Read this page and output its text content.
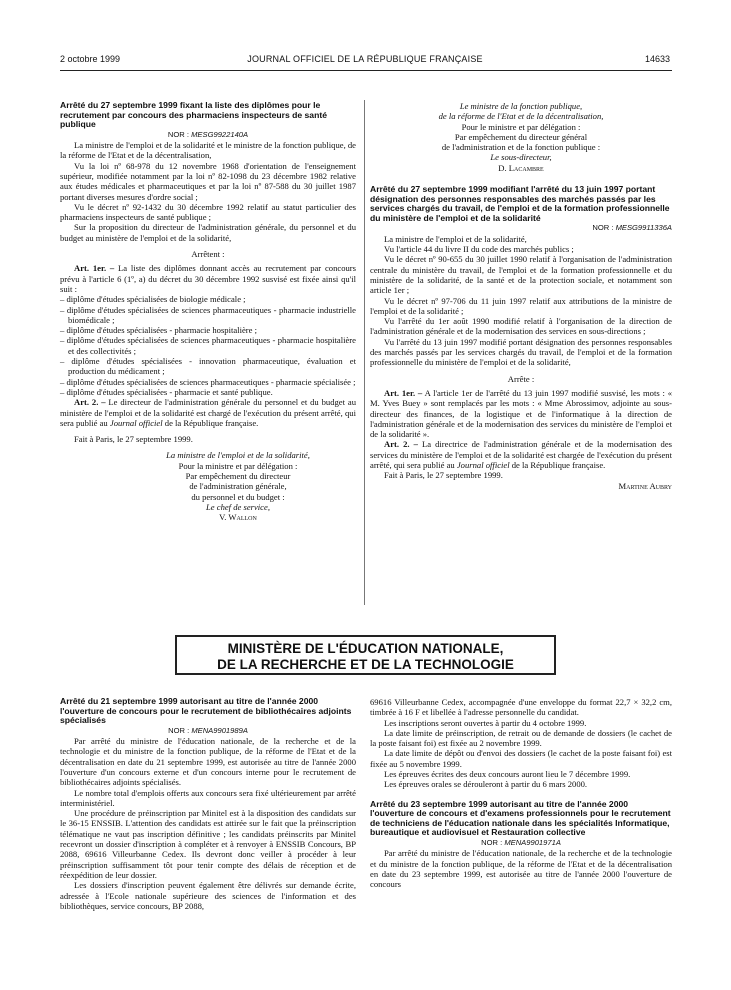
2 octobre 1999	JOURNAL OFFICIEL DE LA RÉPUBLIQUE FRANÇAISE	14633

Arrêté du 27 septembre 1999 fixant la liste des diplômes pour le recrutement par concours des pharmaciens inspecteurs de santé publique

NOR : MESG9922140A

La ministre de l'emploi et de la solidarité et le ministre de la fonction publique, de la réforme de l'Etat et de la décentralisation,

Vu la loi nº 68-978 du 12 novembre 1968 d'orientation de l'enseignement supérieur, modifiée notamment par la loi nº 82-1098 du 23 décembre 1982 relative aux études médicales et pharmaceutiques et par la loi nº 87-588 du 30 juillet 1987 portant diverses mesures d'ordre social ;

Vu le décret nº 92-1432 du 30 décembre 1992 relatif au statut particulier des pharmaciens inspecteurs de santé publique ;

Sur la proposition du directeur de l'administration générale, du personnel et du budget au ministère de l'emploi et de la solidarité,

Arrêtent :

Art. 1er. – La liste des diplômes donnant accès au recrutement par concours prévu à l'article 6 (1º, a) du décret du 30 décembre 1992 susvisé est fixée ainsi qu'il suit :

– diplôme d'études spécialisées de biologie médicale ;

– diplôme d'études spécialisées de sciences pharmaceutiques - pharmacie industrielle biomédicale ;

– diplôme d'études spécialisées - pharmacie hospitalière ;

– diplôme d'études spécialisées de sciences pharmaceutiques - pharmacie hospitalière et des collectivités ;

– diplôme d'études spécialisées - innovation pharmaceutique, évaluation et production du médicament ;

– diplôme d'études spécialisées de sciences pharmaceutiques - pharmacie spécialisée ;

– diplôme d'études spécialisées - pharmacie et santé publique.

Art. 2. – Le directeur de l'administration générale du personnel et du budget au ministère de l'emploi et de la solidarité est chargé de l'exécution du présent arrêté, qui sera publié au Journal officiel de la République française.

Fait à Paris, le 27 septembre 1999.

La ministre de l'emploi et de la solidarité,

Pour la ministre et par délégation :

Par empêchement du directeur

de l'administration générale,

du personnel et du budget :

Le chef de service,

V. Wallon

Le ministre de la fonction publique,

de la réforme de l'Etat et de la décentralisation,

Pour le ministre et par délégation :

Par empêchement du directeur général

de l'administration et de la fonction publique :

Le sous-directeur,

D. Lacambre

Arrêté du 27 septembre 1999 modifiant l'arrêté du 13 juin 1997 portant désignation des personnes responsables des marchés passés par les services chargés du travail, de l'emploi et de la formation professionnelle du ministère de l'emploi et de la solidarité

NOR : MESG9911336A

La ministre de l'emploi et de la solidarité,

Vu l'article 44 du livre II du code des marchés publics ;

Vu le décret nº 90-655 du 30 juillet 1990 relatif à l'organisation de l'administration centrale du ministère du travail, de l'emploi et de la formation professionnelle et du ministère de la solidarité, de la santé et de la protection sociale, et notamment son article 1er ;

Vu le décret nº 97-706 du 11 juin 1997 relatif aux attributions de la ministre de l'emploi et de la solidarité ;

Vu l'arrêté du 1er août 1990 modifié relatif à l'organisation de la direction de l'administration générale et de la modernisation des services en sous-directions ;

Vu l'arrêté du 13 juin 1997 modifié portant désignation des personnes responsables des marchés passés par les services chargés du travail, de l'emploi et de la formation professionnelle du ministère de l'emploi et de la solidarité,

Arrête :

Art. 1er. – A l'article 1er de l'arrêté du 13 juin 1997 modifié susvisé, les mots : « M. Yves Buey » sont remplacés par les mots : « Mme Abrossimov, adjointe au sous-directeur des finances, de la logistique et de l'informatique à la direction de l'administration générale et de la modernisation des services du ministère de l'emploi et de la solidarité ».

Art. 2. – La directrice de l'administration générale et de la modernisation des services du ministère de l'emploi et de la solidarité est chargée de l'exécution du présent arrêté, qui sera publié au Journal officiel de la République française.

Fait à Paris, le 27 septembre 1999.

Martine Aubry

MINISTÈRE DE L'ÉDUCATION NATIONALE,
DE LA RECHERCHE ET DE LA TECHNOLOGIE

Arrêté du 21 septembre 1999 autorisant au titre de l'année 2000 l'ouverture de concours pour le recrutement de bibliothécaires adjoints spécialisés

NOR : MENA9901989A

Par arrêté du ministre de l'éducation nationale, de la recherche et de la technologie et du ministre de la fonction publique, de la réforme de l'Etat et de la décentralisation en date du 21 septembre 1999, est autorisée au titre de l'année 2000 l'ouverture d'un concours externe et d'un concours interne pour le recrutement de bibliothécaires adjoints spécialisés.

Le nombre total d'emplois offerts aux concours sera fixé ultérieurement par arrêté interministériel.

Une procédure de préinscription par Minitel est à la disposition des candidats sur le 36-15 ENSSIB. L'attention des candidats est attirée sur le fait que la préinscription télématique ne vaut pas inscription définitive ; les candidats préinscrits par Minitel recevront un dossier d'inscription à compléter et à renvoyer à ENSSIB Concours, BP 2088, 69616 Villeurbanne Cedex. Ils devront donc veiller à procéder à leur préinscription suffisamment tôt pour tenir compte des délais de réception et de réexpédition de leur dossier.

Les dossiers d'inscription peuvent également être délivrés sur demande écrite, adressée à l'Ecole nationale supérieure des sciences de l'information et des bibliothèques, service concours, BP 2088,

69616 Villeurbanne Cedex, accompagnée d'une enveloppe du format 22,7 × 32,2 cm, timbrée à 16 F et libellée à l'adresse personnelle du candidat.

Les inscriptions seront ouvertes à partir du 4 octobre 1999.

La date limite de préinscription, de retrait ou de demande de dossiers (le cachet de la poste faisant foi) est fixée au 2 novembre 1999.

La date limite de dépôt ou d'envoi des dossiers (le cachet de la poste faisant foi) est fixée au 5 novembre 1999.

Les épreuves écrites des deux concours auront lieu le 7 décembre 1999.

Les épreuves orales se dérouleront à partir du 6 mars 2000.

Arrêté du 23 septembre 1999 autorisant au titre de l'année 2000 l'ouverture de concours et d'examens professionnels pour le recrutement de techniciens de l'éducation nationale dans les spécialités Informatique, bureautique et audiovisuel et Restauration collective

NOR : MENA9901971A

Par arrêté du ministre de l'éducation nationale, de la recherche et de la technologie et du ministre de la fonction publique, de la réforme de l'Etat et de la décentralisation en date du 23 septembre 1999, est autorisée au titre de l'année 2000 l'ouverture de concours
